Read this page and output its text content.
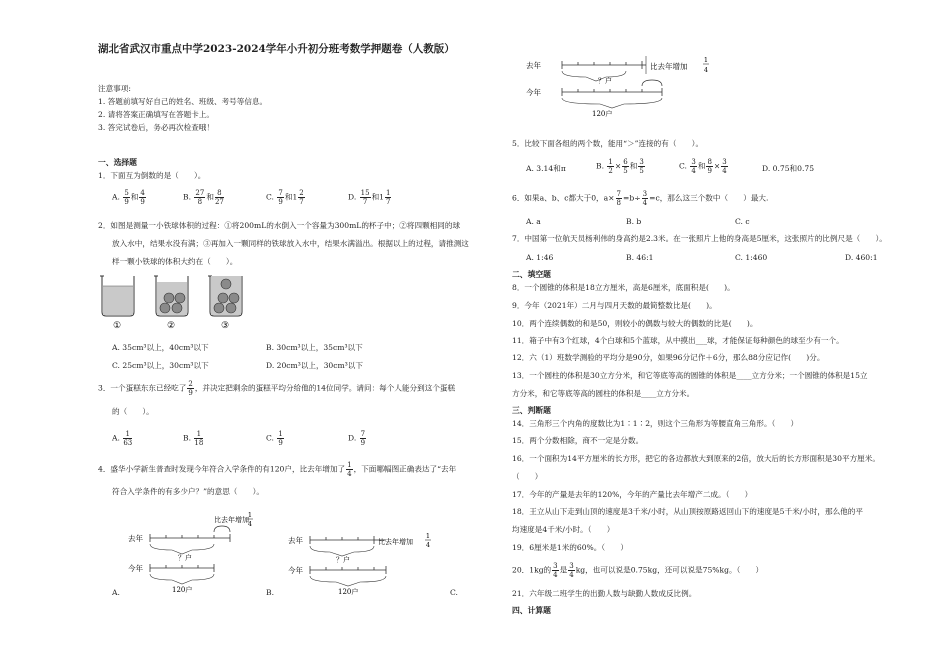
湖北省武汉市重点中学2023-2024学年小升初分班考数学押题卷（人教版）
注意事项:
1. 答题前填写好自己的姓名、班级、考号等信息。
2. 请将答案正确填写在答题卡上。
3. 答完试卷后，务必再次检查哦！
一、选择题
1．下面互为倒数的是（　　）。
A. $\frac{5}{9}$ 和 $\frac{4}{9}$	B. $\frac{27}{8}$ 和 $\frac{8}{27}$	C. $\frac{7}{9}$ 和$1 \frac{2}{7}$	D. $\frac{15}{7}$ 和$1 \frac{1}{7}$
2．如图是测量一小铁球体积的过程：①将200mL的水倒入一个容量为300mL的杯子中；②将四颗相同的球
放入水中，结果水没有满；③再加入一颗同样的铁球放入水中，结果水满溢出。根据以上的过程，请推测这
样一颗小铁球的体积大约在（　　）。
①	②	③
A. 35cm³以上，40cm³以下	B. 30cm³以上，35cm³以下
C. 25cm³以上，30cm³以下	D. 20cm³以上，30cm³以下
3．一个蛋糕东东已经吃了 $\frac{2}{9}$ ，并决定把剩余的蛋糕平均分给他的14位同学。请问：每个人能分到这个蛋糕
的（　　）。
A. $\frac{1}{63}$	B. $\frac{1}{18}$	C. $\frac{1}{9}$	D. $\frac{7}{9}$
4．盛华小学新生普查时发现今年符合入学条件的有120户，比去年增加了 $\frac{1}{4}$ ，下面哪幅图正确表达了“去年
符合入学条件的有多少户？”的意思（　　）。
去年
比去年增加
1
4
？户
今年
120户
A.
去年	比去年增加
1
4
？户
今年
120户
B.	C.
去年	比去年增加
1
4
？户
今年
120户
5．比较下面各组的两个数，能用“＞”连接的有（　　）。
A. 3.14和π	B. $\frac{1}{2} \times \frac{6}{5}$ 和 $\frac{3}{5}$	C. $\frac{3}{4}$ 和 $\frac{8}{9} \times \frac{3}{4}$	D. 0.7̇5和0.7̇5̇
6．如果a、b、c都大于0，$a\times \frac{7}{8} =b\div \frac{3}{4} =c$，那么这三个数中（　　）最大.
A. a	B. b	C. c
7．中国第一位航天员杨利伟的身高约是2.3米。在一张照片上他的身高是5厘米，这张照片的比例尺是（　　）。
A. 1:46	B. 46:1	C. 1:460	D. 460:1
二、填空题
8．一个圆锥的体积是18立方厘米，高是6厘米，底面积是(　　)。
9．今年（2021年）二月与四月天数的最简整数比是(　　)。
10．两个连续偶数的和是50，则较小的偶数与较大的偶数的比是(　　)。
11．箱子中有3个红球，4个白球和5个蓝球，从中摸出___球，才能保证每种颜色的球至少有一个。
12．六（1）班数学测验的平均分是90分，如果96分记作＋6分，那么88分应记作(　　)分。
13．一个圆柱的体积是30立方分米，和它等底等高的圆锥的体积是____立方分米；一个圆锥的体积是15立
方分米，和它等底等高的圆柱的体积是____立方分米。
三、判断题
14．三角形三个内角的度数比为1∶1∶2，则这个三角形为等腰直角三角形。（　　）
15．两个分数相除，商不一定是分数。
16．一个面积为14平方厘米的长方形，把它的各边都放大到原来的2倍，放大后的长方形面积是30平方厘米。
（　　）
17．今年的产量是去年的120%，今年的产量比去年增产二成。（　　）
18．王立从山下走到山顶的速度是3千米/小时，从山顶按原路返回山下的速度是5千米/小时，那么他的平
均速度是4千米/小时。（　　）
19．6厘米是1米的60%。（　　）
20．1kg的 $\frac{3}{4}$ 是 $\frac{3}{4}$ kg，也可以说是0.75kg，还可以说是75%kg。（　　）
21．六年级二班学生的出勤人数与缺勤人数成反比例。
四、计算题
